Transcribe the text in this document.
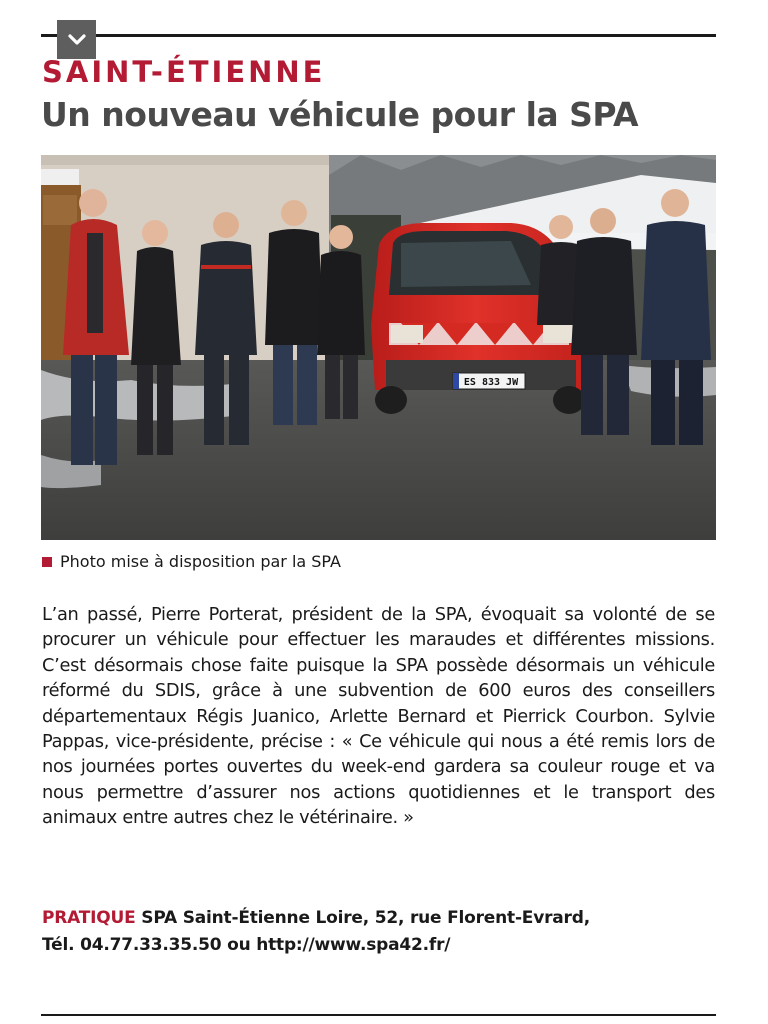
SAINT-ÉTIENNE
Un nouveau véhicule pour la SPA
ES 833 JW
Photo mise à disposition par la SPA

L’an passé, Pierre Porterat, président de la SPA, évoquait sa volonté de se procurer un véhicule pour effectuer les maraudes et différentes missions. C’est désormais chose faite puisque la SPA possède désormais un véhicule réformé du SDIS, grâce à une subvention de 600 euros des conseillers départementaux Régis Juanico, Arlette Bernard et Pierrick Courbon. Sylvie Pappas, vice-présidente, précise : « Ce véhicule qui nous a été remis lors de nos journées portes ouvertes du week-end gardera sa couleur rouge et va nous permettre d’assurer nos actions quotidiennes et le transport des animaux entre autres chez le vétérinaire. »

PRATIQUE SPA Saint-Étienne Loire, 52, rue Florent-Evrard,
Tél. 04.77.33.35.50 ou http://www.spa42.fr/
